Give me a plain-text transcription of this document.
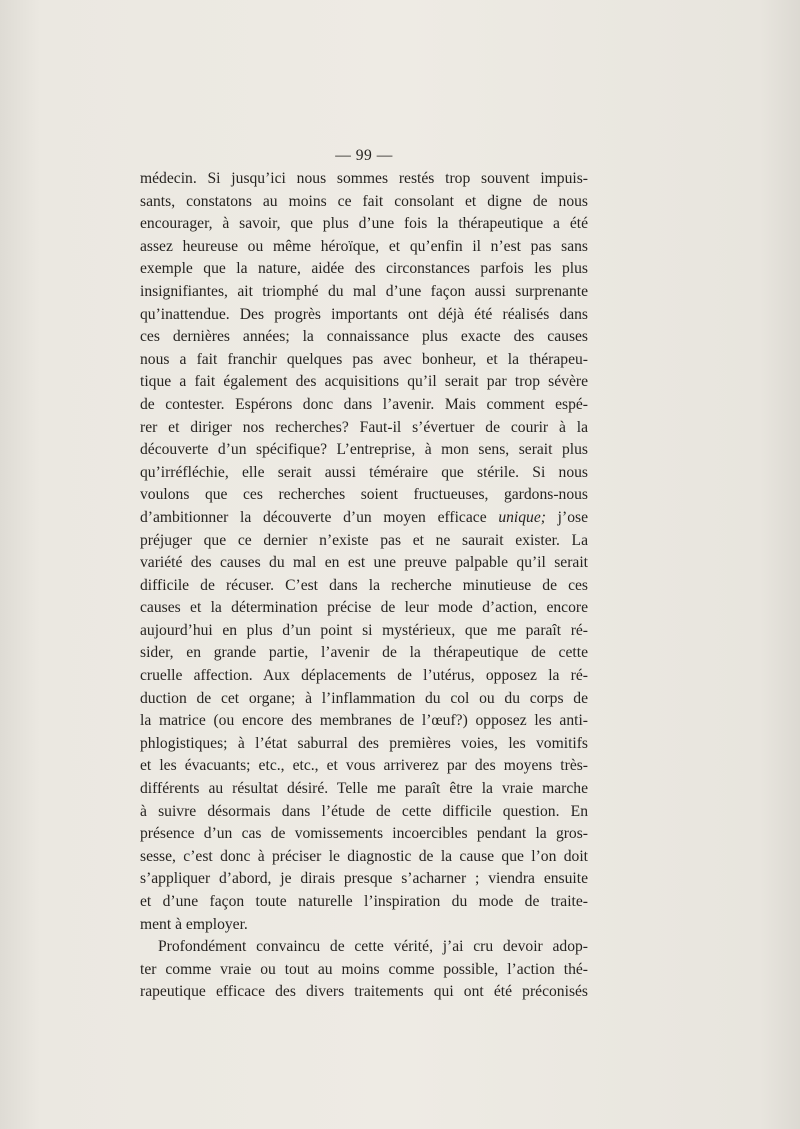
— 99 —
médecin. Si jusqu’ici nous sommes restés trop souvent impuis-
sants, constatons au moins ce fait consolant et digne de nous
encourager, à savoir, que plus d’une fois la thérapeutique a été
assez heureuse ou même héroïque, et qu’enfin il n’est pas sans
exemple que la nature, aidée des circonstances parfois les plus
insignifiantes, ait triomphé du mal d’une façon aussi surprenante
qu’inattendue. Des progrès importants ont déjà été réalisés dans
ces dernières années; la connaissance plus exacte des causes
nous a fait franchir quelques pas avec bonheur, et la thérapeu-
tique a fait également des acquisitions qu’il serait par trop sévère
de contester. Espérons donc dans l’avenir. Mais comment espé-
rer et diriger nos recherches? Faut-il s’évertuer de courir à la
découverte d’un spécifique? L’entreprise, à mon sens, serait plus
qu’irréfléchie, elle serait aussi téméraire que stérile. Si nous
voulons que ces recherches soient fructueuses, gardons-nous
d’ambitionner la découverte d’un moyen efficace unique; j’ose
préjuger que ce dernier n’existe pas et ne saurait exister. La
variété des causes du mal en est une preuve palpable qu’il serait
difficile de récuser. C’est dans la recherche minutieuse de ces
causes et la détermination précise de leur mode d’action, encore
aujourd’hui en plus d’un point si mystérieux, que me paraît ré-
sider, en grande partie, l’avenir de la thérapeutique de cette
cruelle affection. Aux déplacements de l’utérus, opposez la ré-
duction de cet organe; à l’inflammation du col ou du corps de
la matrice (ou encore des membranes de l’œuf?) opposez les anti-
phlogistiques; à l’état saburral des premières voies, les vomitifs
et les évacuants; etc., etc., et vous arriverez par des moyens très-
différents au résultat désiré. Telle me paraît être la vraie marche
à suivre désormais dans l’étude de cette difficile question. En
présence d’un cas de vomissements incoercibles pendant la gros-
sesse, c’est donc à préciser le diagnostic de la cause que l’on doit
s’appliquer d’abord, je dirais presque s’acharner ; viendra ensuite
et d’une façon toute naturelle l’inspiration du mode de traite-
ment à employer.
Profondément convaincu de cette vérité, j’ai cru devoir adop-
ter comme vraie ou tout au moins comme possible, l’action thé-
rapeutique efficace des divers traitements qui ont été préconisés
